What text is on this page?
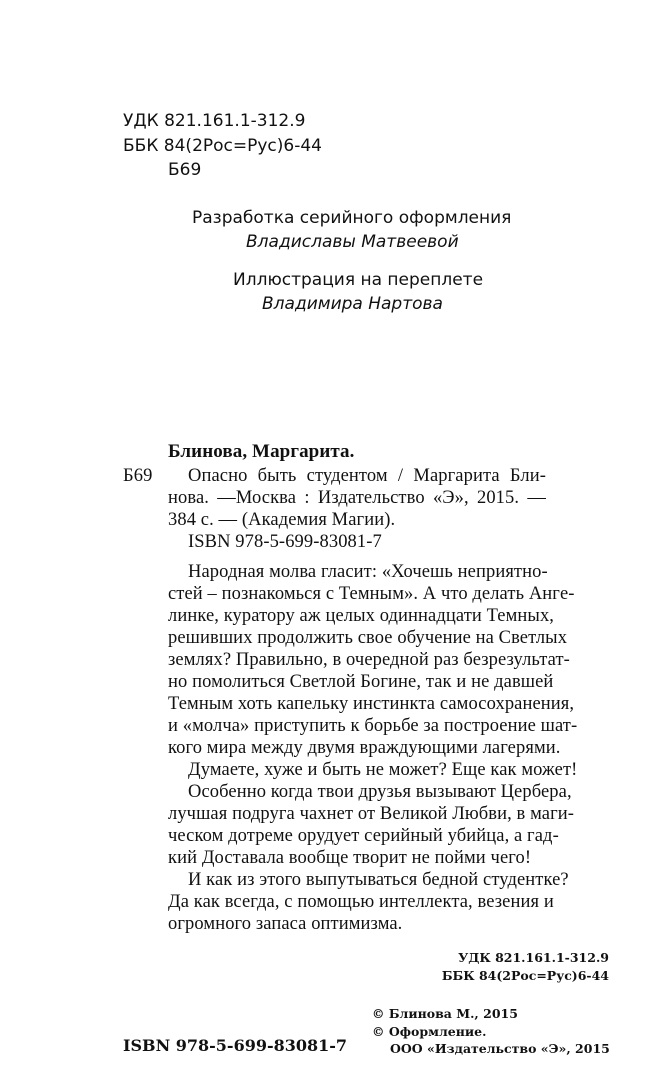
УДК 821.161.1-312.9
ББК 84(2Рос=Рус)6-44
Б69
Разработка серийного оформления
Владиславы Матвеевой
Иллюстрация на переплете
Владимира Нартова
Блинова, Маргарита.
Б69 Опасно быть студентом / Маргарита Бли-
нова. —Москва : Издательство «Э», 2015. —
384 с. — (Академия Магии).
ISBN 978-5-699-83081-7
Народная молва гласит: «Хочешь неприятно-
стей – познакомься с Темным». А что делать Ангe-
линке, куратору аж целых одиннадцати Темных,
решивших продолжить свое обучение на Светлых
землях? Правильно, в очередной раз безрезультат-
но помолиться Светлой Богине, так и не давшей
Темным хоть капельку инстинкта самосохранения,
и «молча» приступить к борьбе за построение шат-
кого мира между двумя враждующими лагерями.
Думаете, хуже и быть не может? Еще как может!
Особенно когда твои друзья вызывают Цербера,
лучшая подруга чахнет от Великой Любви, в маги-
ческом дотреме орудует серийный убийца, а гад-
кий Доставала вообще творит не пойми чего!
И как из этого выпутываться бедной студентке?
Да как всегда, с помощью интеллекта, везения и
огромного запаса оптимизма.
УДК 821.161.1-312.9
ББК 84(2Рос=Рус)6-44
© Блинова М., 2015
© Оформление.
ООО «Издательство «Э», 2015
ISBN 978-5-699-83081-7
